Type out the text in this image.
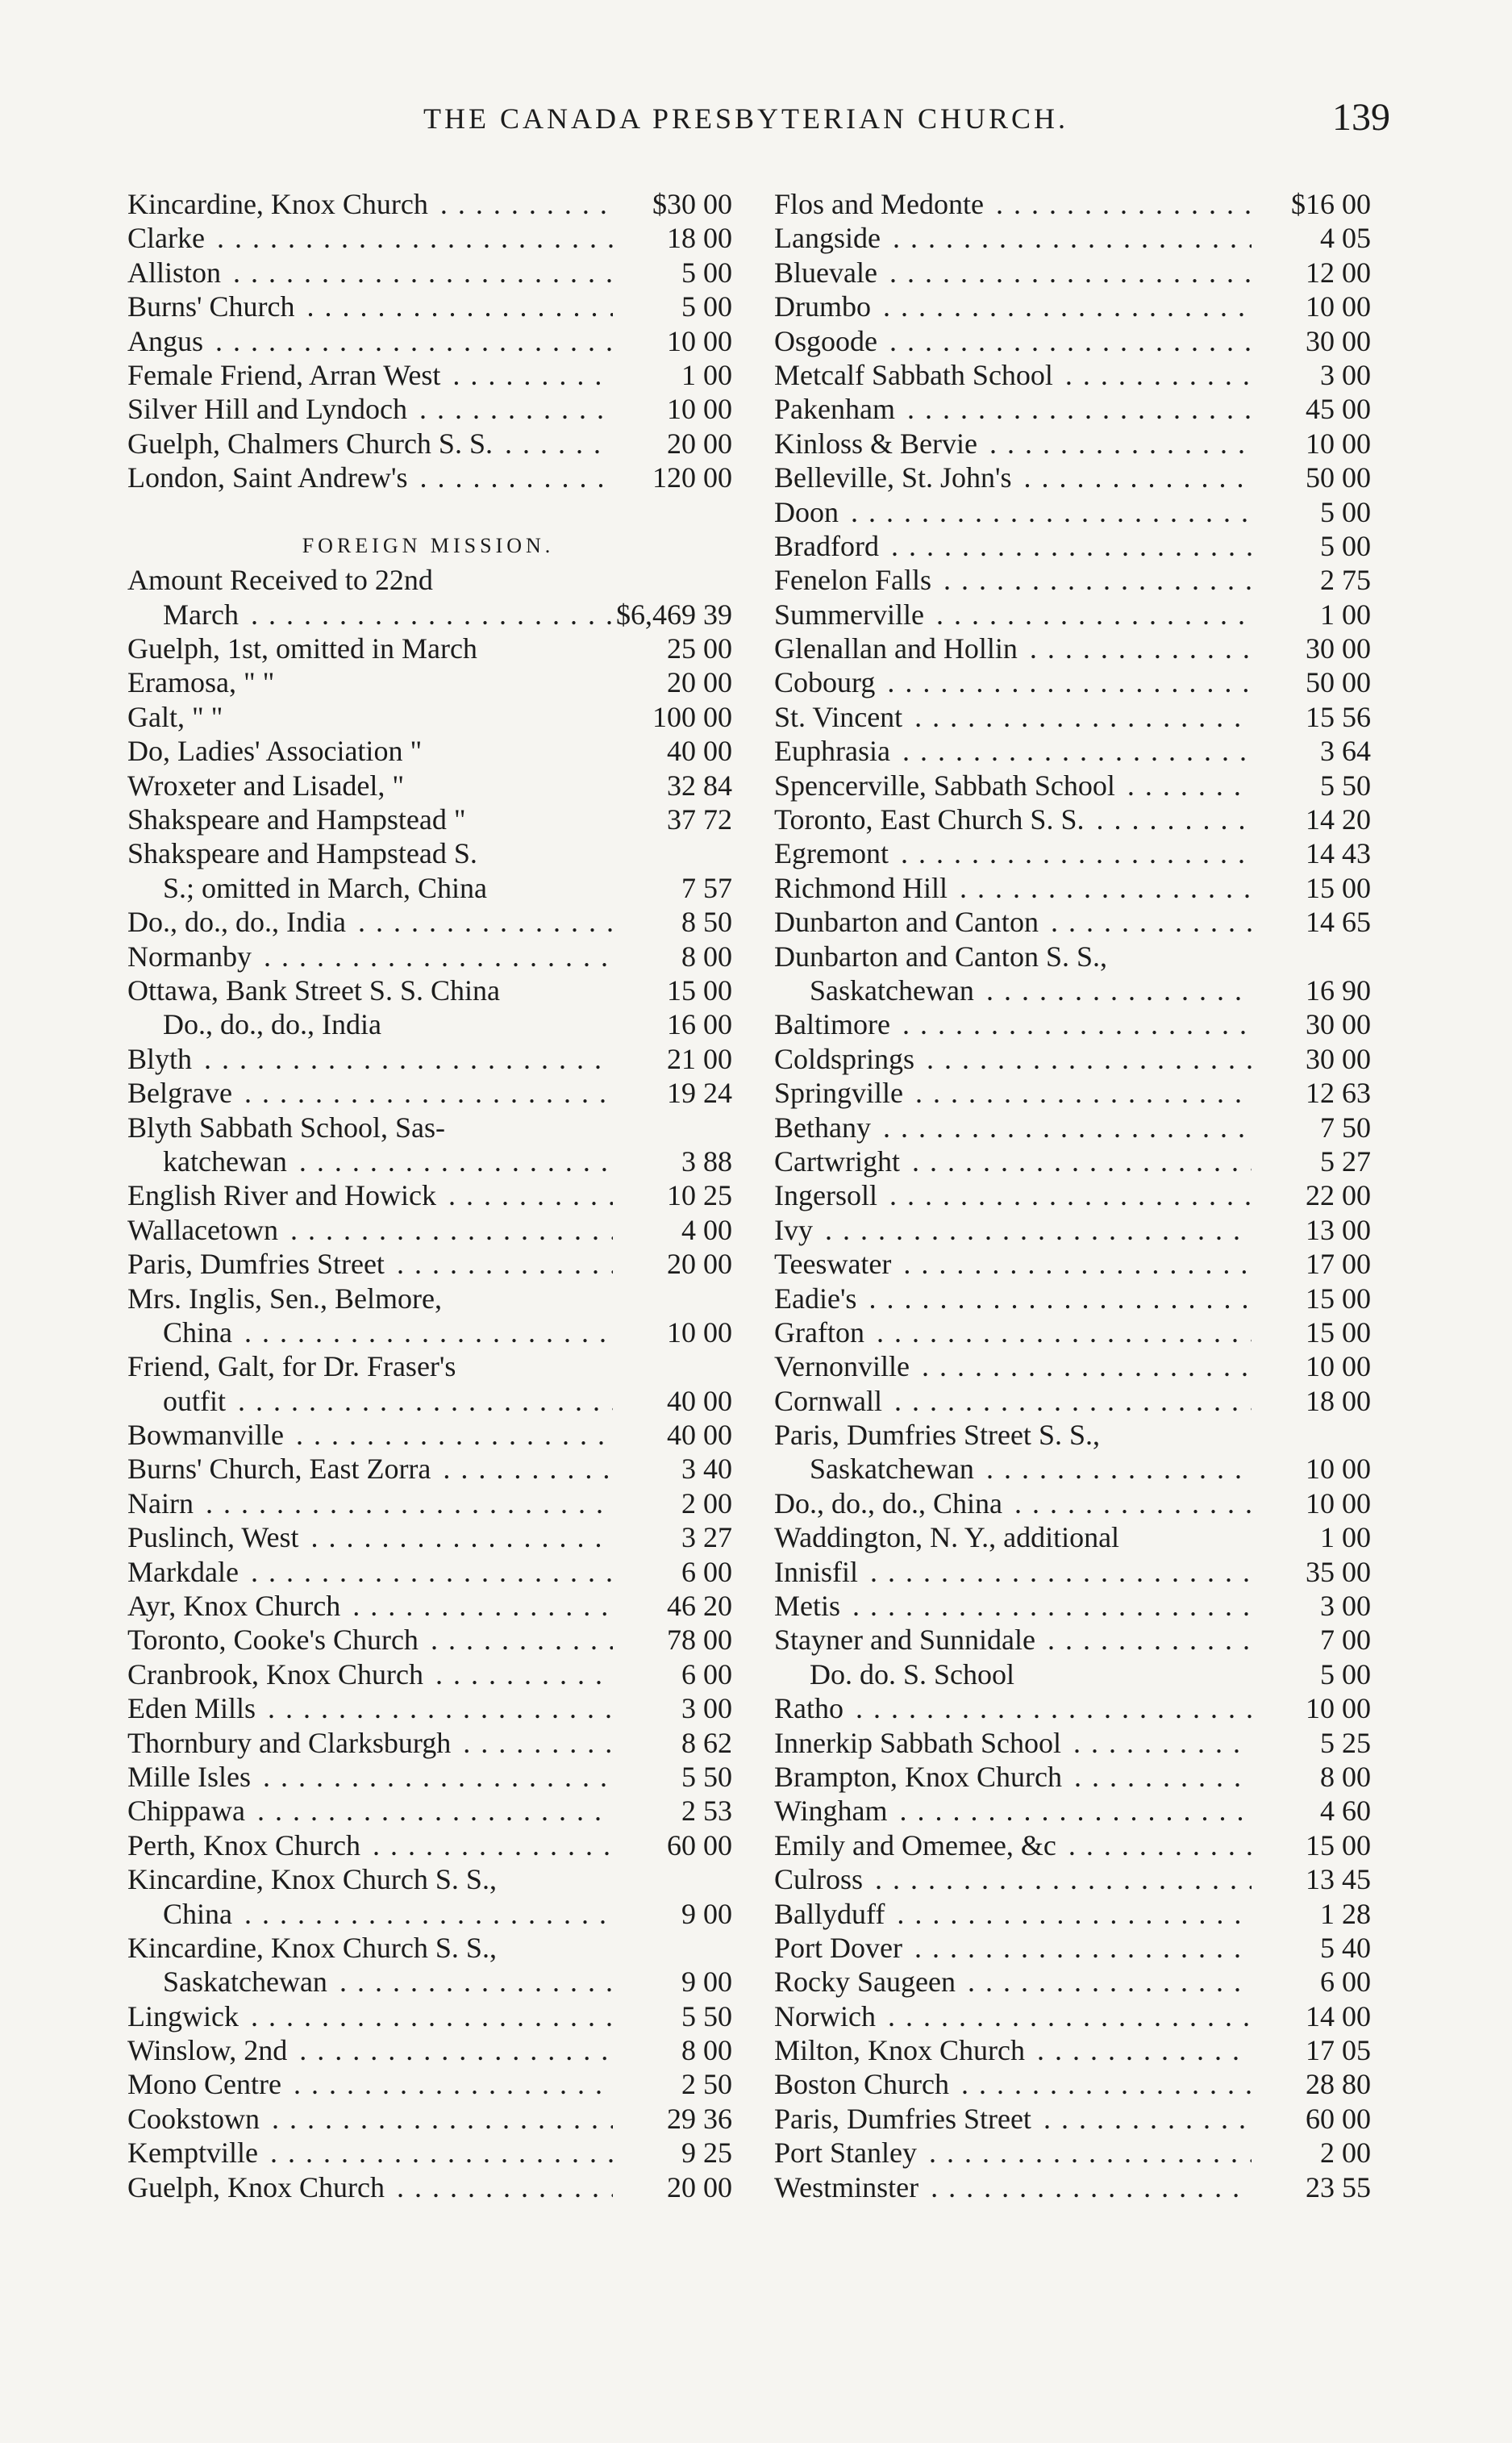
THE CANADA PRESBYTERIAN CHURCH.	139
Kincardine, Knox Church . . .	$30 00
Clarke . . .	18 00
Alliston . . .	5 00
Burns' Church . . .	5 00
Angus . . .	10 00
Female Friend, Arran West . . .	1 00
Silver Hill and Lyndoch . . .	10 00
Guelph, Chalmers Church S. S. . . .	20 00
London, Saint Andrew's . . .	120 00
FOREIGN MISSION.
Amount Received to 22nd
March . . .	$6,469 39
Guelph, 1st, omitted in March	25 00
Eramosa, " "	20 00
Galt, " "	100 00
Do, Ladies' Association "	40 00
Wroxeter and Lisadel, "	32 84
Shakspeare and Hampstead "	37 72
Shakspeare and Hampstead S.
S.; omitted in March, China	7 57
Do., do., do., India . . .	8 50
Normanby . . .	8 00
Ottawa, Bank Street S. S. China	15 00
Do., do., do., India	16 00
Blyth . . .	21 00
Belgrave . . .	19 24
Blyth Sabbath School, Sas-
katchewan . . .	3 88
English River and Howick . . .	10 25
Wallacetown . . .	4 00
Paris, Dumfries Street . . .	20 00
Mrs. Inglis, Sen., Belmore,
China . . .	10 00
Friend, Galt, for Dr. Fraser's
outfit . . .	40 00
Bowmanville . . .	40 00
Burns' Church, East Zorra . . .	3 40
Nairn . . .	2 00
Puslinch, West . . .	3 27
Markdale . . .	6 00
Ayr, Knox Church . . .	46 20
Toronto, Cooke's Church . . .	78 00
Cranbrook, Knox Church . . .	6 00
Eden Mills . . .	3 00
Thornbury and Clarksburgh . . .	8 62
Mille Isles . . .	5 50
Chippawa . . .	2 53
Perth, Knox Church . . .	60 00
Kincardine, Knox Church S. S.,
China . . .	9 00
Kincardine, Knox Church S. S.,
Saskatchewan . . .	9 00
Lingwick . . .	5 50
Winslow, 2nd . . .	8 00
Mono Centre . . .	2 50
Cookstown . . .	29 36
Kemptville . . .	9 25
Guelph, Knox Church . . .	20 00
Flos and Medonte . . .	$16 00
Langside . . .	4 05
Bluevale . . .	12 00
Drumbo . . .	10 00
Osgoode . . .	30 00
Metcalf Sabbath School . . .	3 00
Pakenham . . .	45 00
Kinloss & Bervie . . .	10 00
Belleville, St. John's . . .	50 00
Doon . . .	5 00
Bradford . . .	5 00
Fenelon Falls . . .	2 75
Summerville . . .	1 00
Glenallan and Hollin . . .	30 00
Cobourg . . .	50 00
St. Vincent . . .	15 56
Euphrasia . . .	3 64
Spencerville, Sabbath School . . .	5 50
Toronto, East Church S. S. . . .	14 20
Egremont . . .	14 43
Richmond Hill . . .	15 00
Dunbarton and Canton . . .	14 65
Dunbarton and Canton S. S.,
Saskatchewan . . .	16 90
Baltimore . . .	30 00
Coldsprings . . .	30 00
Springville . . .	12 63
Bethany . . .	7 50
Cartwright . . .	5 27
Ingersoll . . .	22 00
Ivy . . .	13 00
Teeswater . . .	17 00
Eadie's . . .	15 00
Grafton . . .	15 00
Vernonville . . .	10 00
Cornwall . . .	18 00
Paris, Dumfries Street S. S.,
Saskatchewan . . .	10 00
Do., do., do., China . . .	10 00
Waddington, N. Y., additional	1 00
Innisfil . . .	35 00
Metis . . .	3 00
Stayner and Sunnidale . . .	7 00
Do. do. S. School	5 00
Ratho . . .	10 00
Innerkip Sabbath School . . .	5 25
Brampton, Knox Church . . .	8 00
Wingham . . .	4 60
Emily and Omemee, &c . . .	15 00
Culross . . .	13 45
Ballyduff . . .	1 28
Port Dover . . .	5 40
Rocky Saugeen . . .	6 00
Norwich . . .	14 00
Milton, Knox Church . . .	17 05
Boston Church . . .	28 80
Paris, Dumfries Street . . .	60 00
Port Stanley . . .	2 00
Westminster . . .	23 55
